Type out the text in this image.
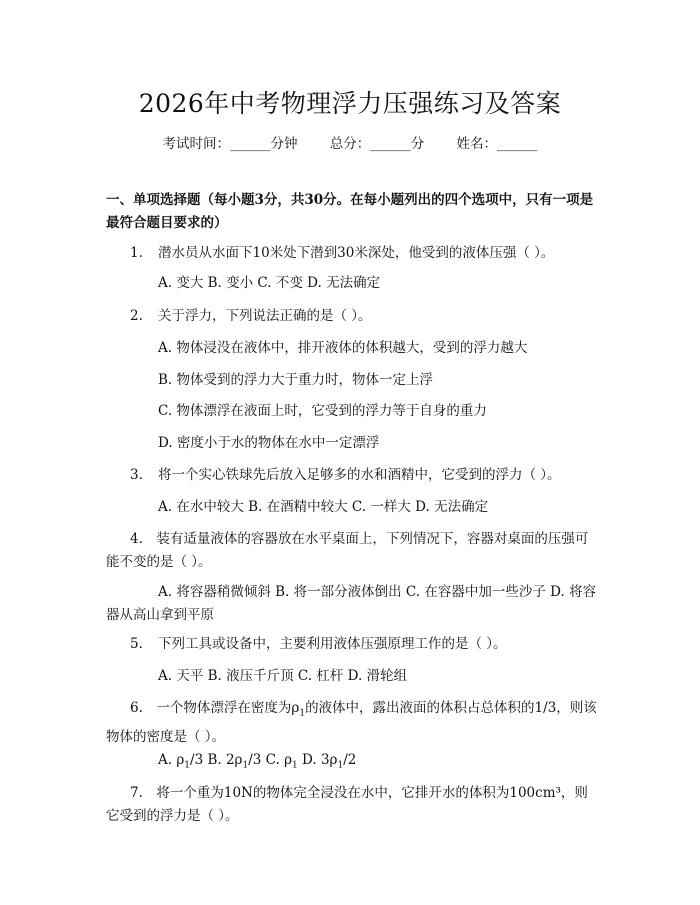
2026年中考物理浮力压强练习及答案
考试时间：______分钟 总分：______分 姓名：______
一、单项选择题（每小题3分，共30分。在每小题列出的四个选项中，只有一项是最符合题目要求的）
1. 潜水员从水面下10米处下潜到30米深处，他受到的液体压强（ ）。
A. 变大 B. 变小 C. 不变 D. 无法确定
2. 关于浮力，下列说法正确的是（ ）。
A. 物体浸没在液体中，排开液体的体积越大，受到的浮力越大
B. 物体受到的浮力大于重力时，物体一定上浮
C. 物体漂浮在液面上时，它受到的浮力等于自身的重力
D. 密度小于水的物体在水中一定漂浮
3. 将一个实心铁球先后放入足够多的水和酒精中，它受到的浮力（ ）。
A. 在水中较大 B. 在酒精中较大 C. 一样大 D. 无法确定
4.　装有适量液体的容器放在水平桌面上，下列情况下，容器对桌面的压强可能不变的是（ ）。
A. 将容器稍微倾斜 B. 将一部分液体倒出 C. 在容器中加一些沙子 D. 将容器从高山拿到平原
5. 下列工具或设备中，主要利用液体压强原理工作的是（ ）。
A. 天平 B. 液压千斤顶 C. 杠杆 D. 滑轮组
6.　一个物体漂浮在密度为$\rho_1$的液体中，露出液面的体积占总体积的1/3，则该物体的密度是（ ）。
A. $\rho_1/3$ B. $2\rho_1/3$ C. $\rho_1$ D. $3\rho_1/2$
7.　将一个重为10N的物体完全浸没在水中，它排开水的体积为100cm³，则它受到的浮力是（ ）。
